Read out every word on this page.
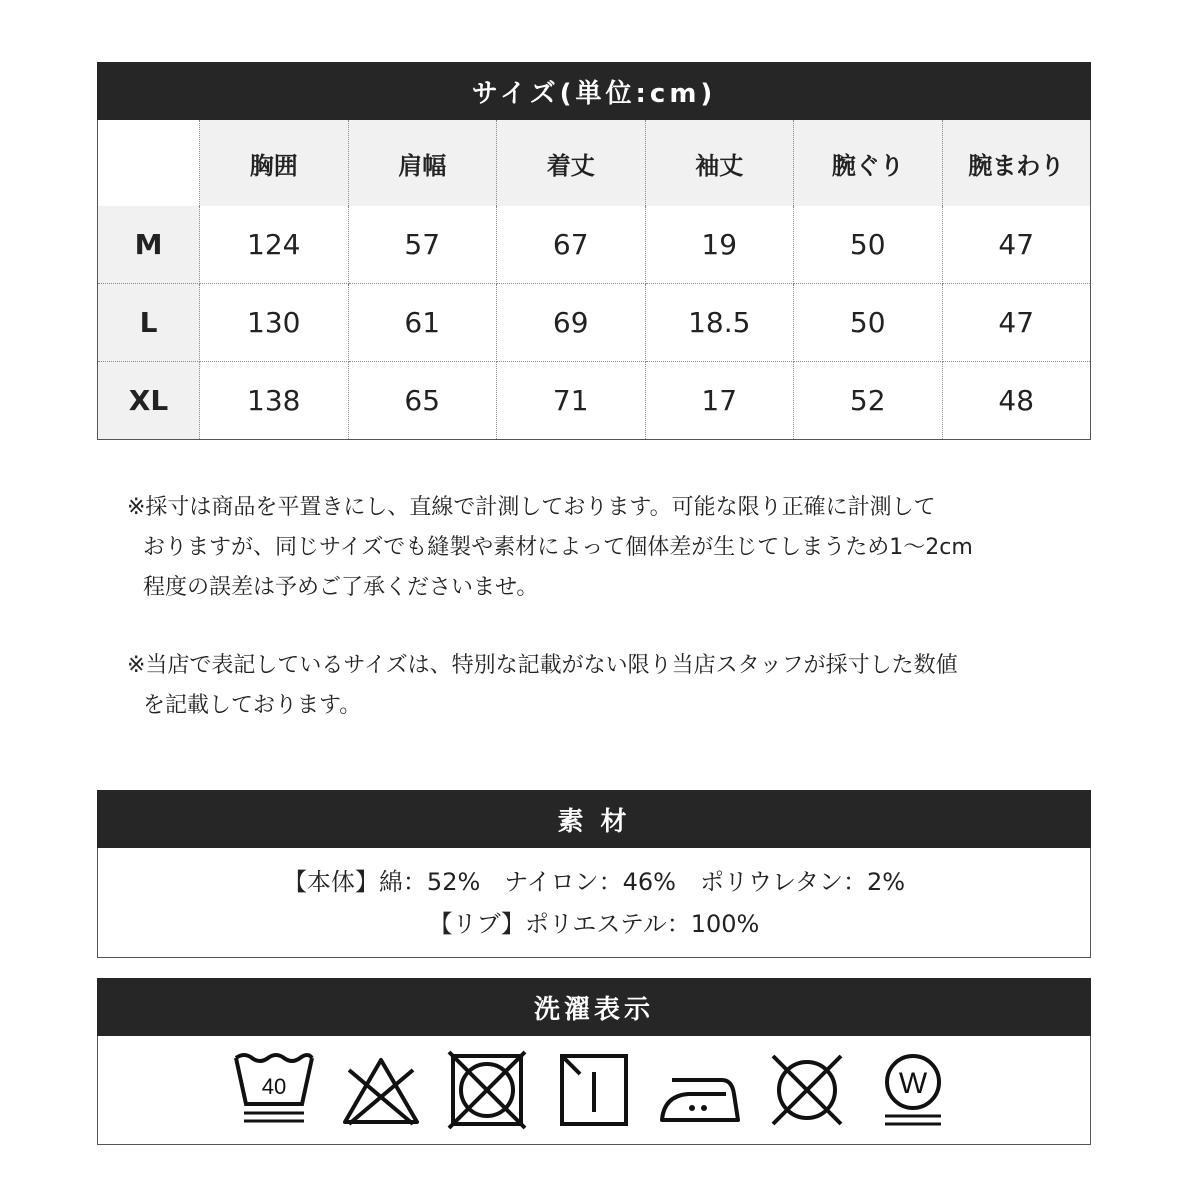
サイズ(単位:cm)
	胸囲	肩幅	着丈	袖丈	腕ぐり	腕まわり
M	124	57	67	19	50	47
L	130	61	69	18.5	50	47
XL	138	65	71	17	52	48
※採寸は商品を平置きにし、直線で計測しております。可能な限り正確に計測して
おりますが、同じサイズでも縫製や素材によって個体差が生じてしまうため1～2cm
程度の誤差は予めご了承くださいませ。
※当店で表記しているサイズは、特別な記載がない限り当店スタッフが採寸した数値
を記載しております。
素 材
【本体】綿：52%　ナイロン：46%　ポリウレタン：2%
【リブ】ポリエステル：100%
洗濯表示
40	W
